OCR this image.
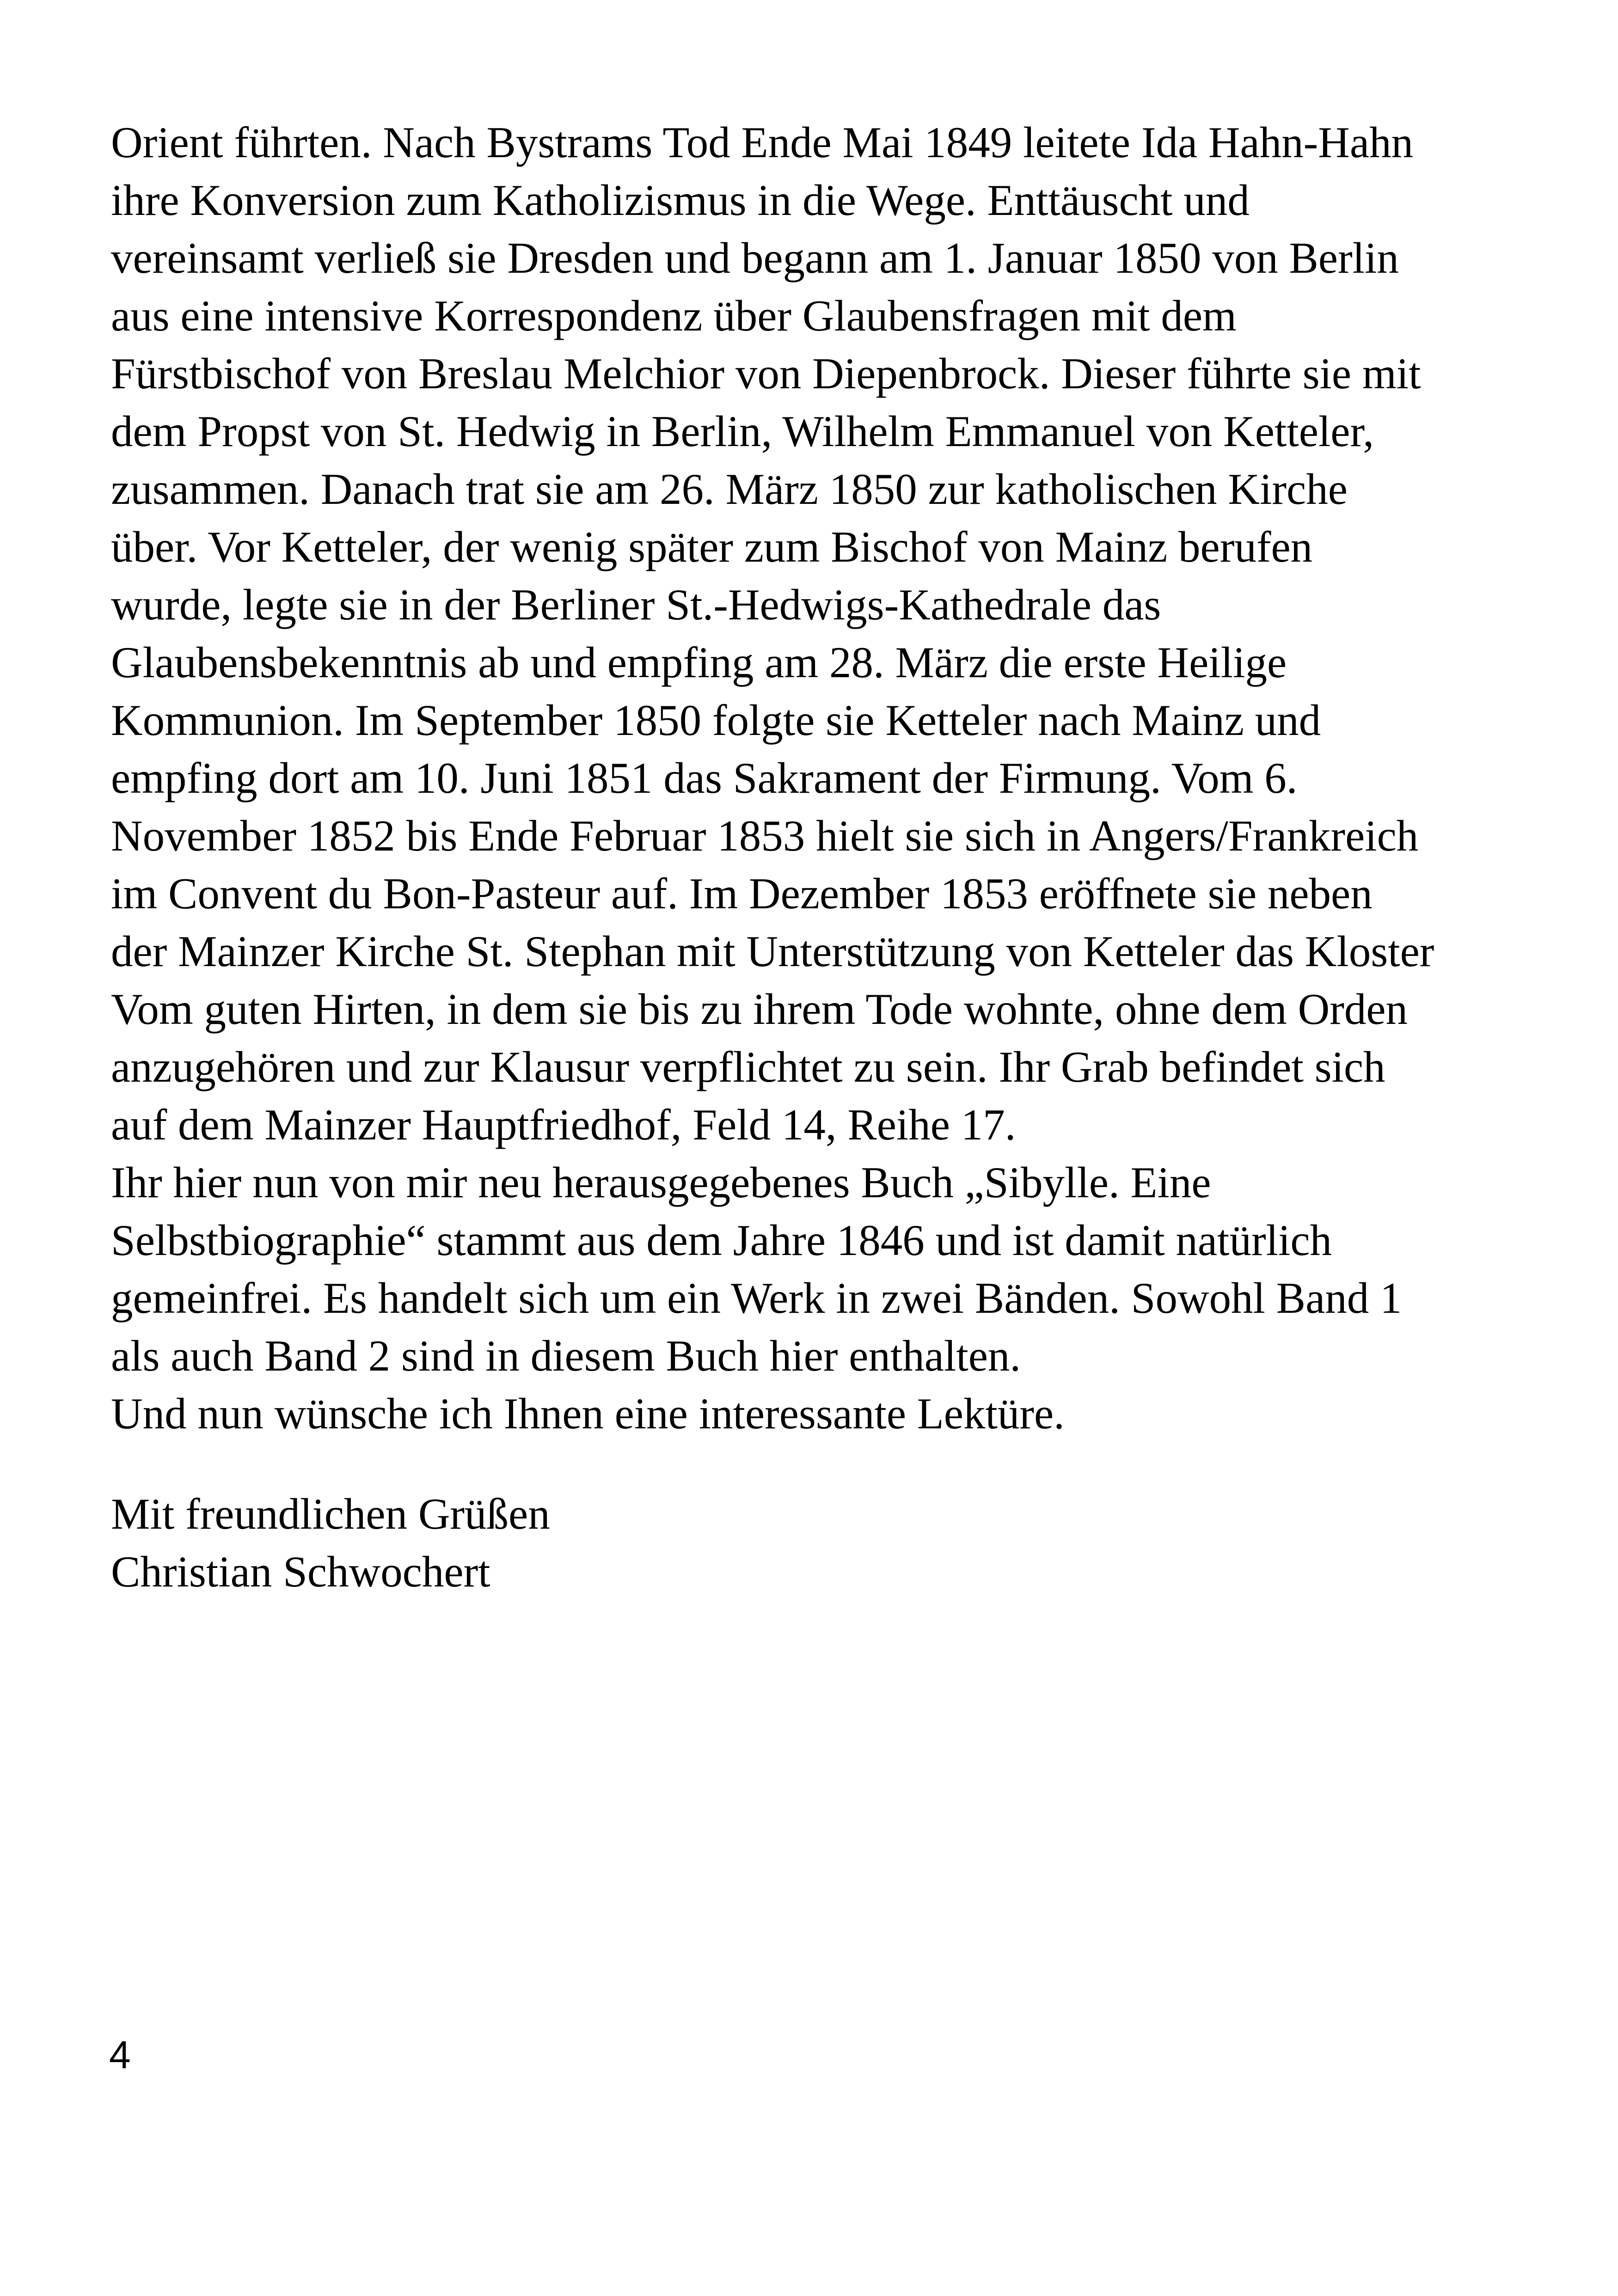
Orient führten. Nach Bystrams Tod Ende Mai 1849 leitete Ida Hahn-Hahn
ihre Konversion zum Katholizismus in die Wege. Enttäuscht und
vereinsamt verließ sie Dresden und begann am 1. Januar 1850 von Berlin
aus eine intensive Korrespondenz über Glaubensfragen mit dem
Fürstbischof von Breslau Melchior von Diepenbrock. Dieser führte sie mit
dem Propst von St. Hedwig in Berlin, Wilhelm Emmanuel von Ketteler,
zusammen. Danach trat sie am 26. März 1850 zur katholischen Kirche
über. Vor Ketteler, der wenig später zum Bischof von Mainz berufen
wurde, legte sie in der Berliner St.-Hedwigs-Kathedrale das
Glaubensbekenntnis ab und empfing am 28. März die erste Heilige
Kommunion. Im September 1850 folgte sie Ketteler nach Mainz und
empfing dort am 10. Juni 1851 das Sakrament der Firmung. Vom 6.
November 1852 bis Ende Februar 1853 hielt sie sich in Angers/Frankreich
im Convent du Bon-Pasteur auf. Im Dezember 1853 eröffnete sie neben
der Mainzer Kirche St. Stephan mit Unterstützung von Ketteler das Kloster
Vom guten Hirten, in dem sie bis zu ihrem Tode wohnte, ohne dem Orden
anzugehören und zur Klausur verpflichtet zu sein. Ihr Grab befindet sich
auf dem Mainzer Hauptfriedhof, Feld 14, Reihe 17.
Ihr hier nun von mir neu herausgegebenes Buch „Sibylle. Eine
Selbstbiographie“ stammt aus dem Jahre 1846 und ist damit natürlich
gemeinfrei. Es handelt sich um ein Werk in zwei Bänden. Sowohl Band 1
als auch Band 2 sind in diesem Buch hier enthalten.
Und nun wünsche ich Ihnen eine interessante Lektüre.
Mit freundlichen Grüßen
Christian Schwochert
4
